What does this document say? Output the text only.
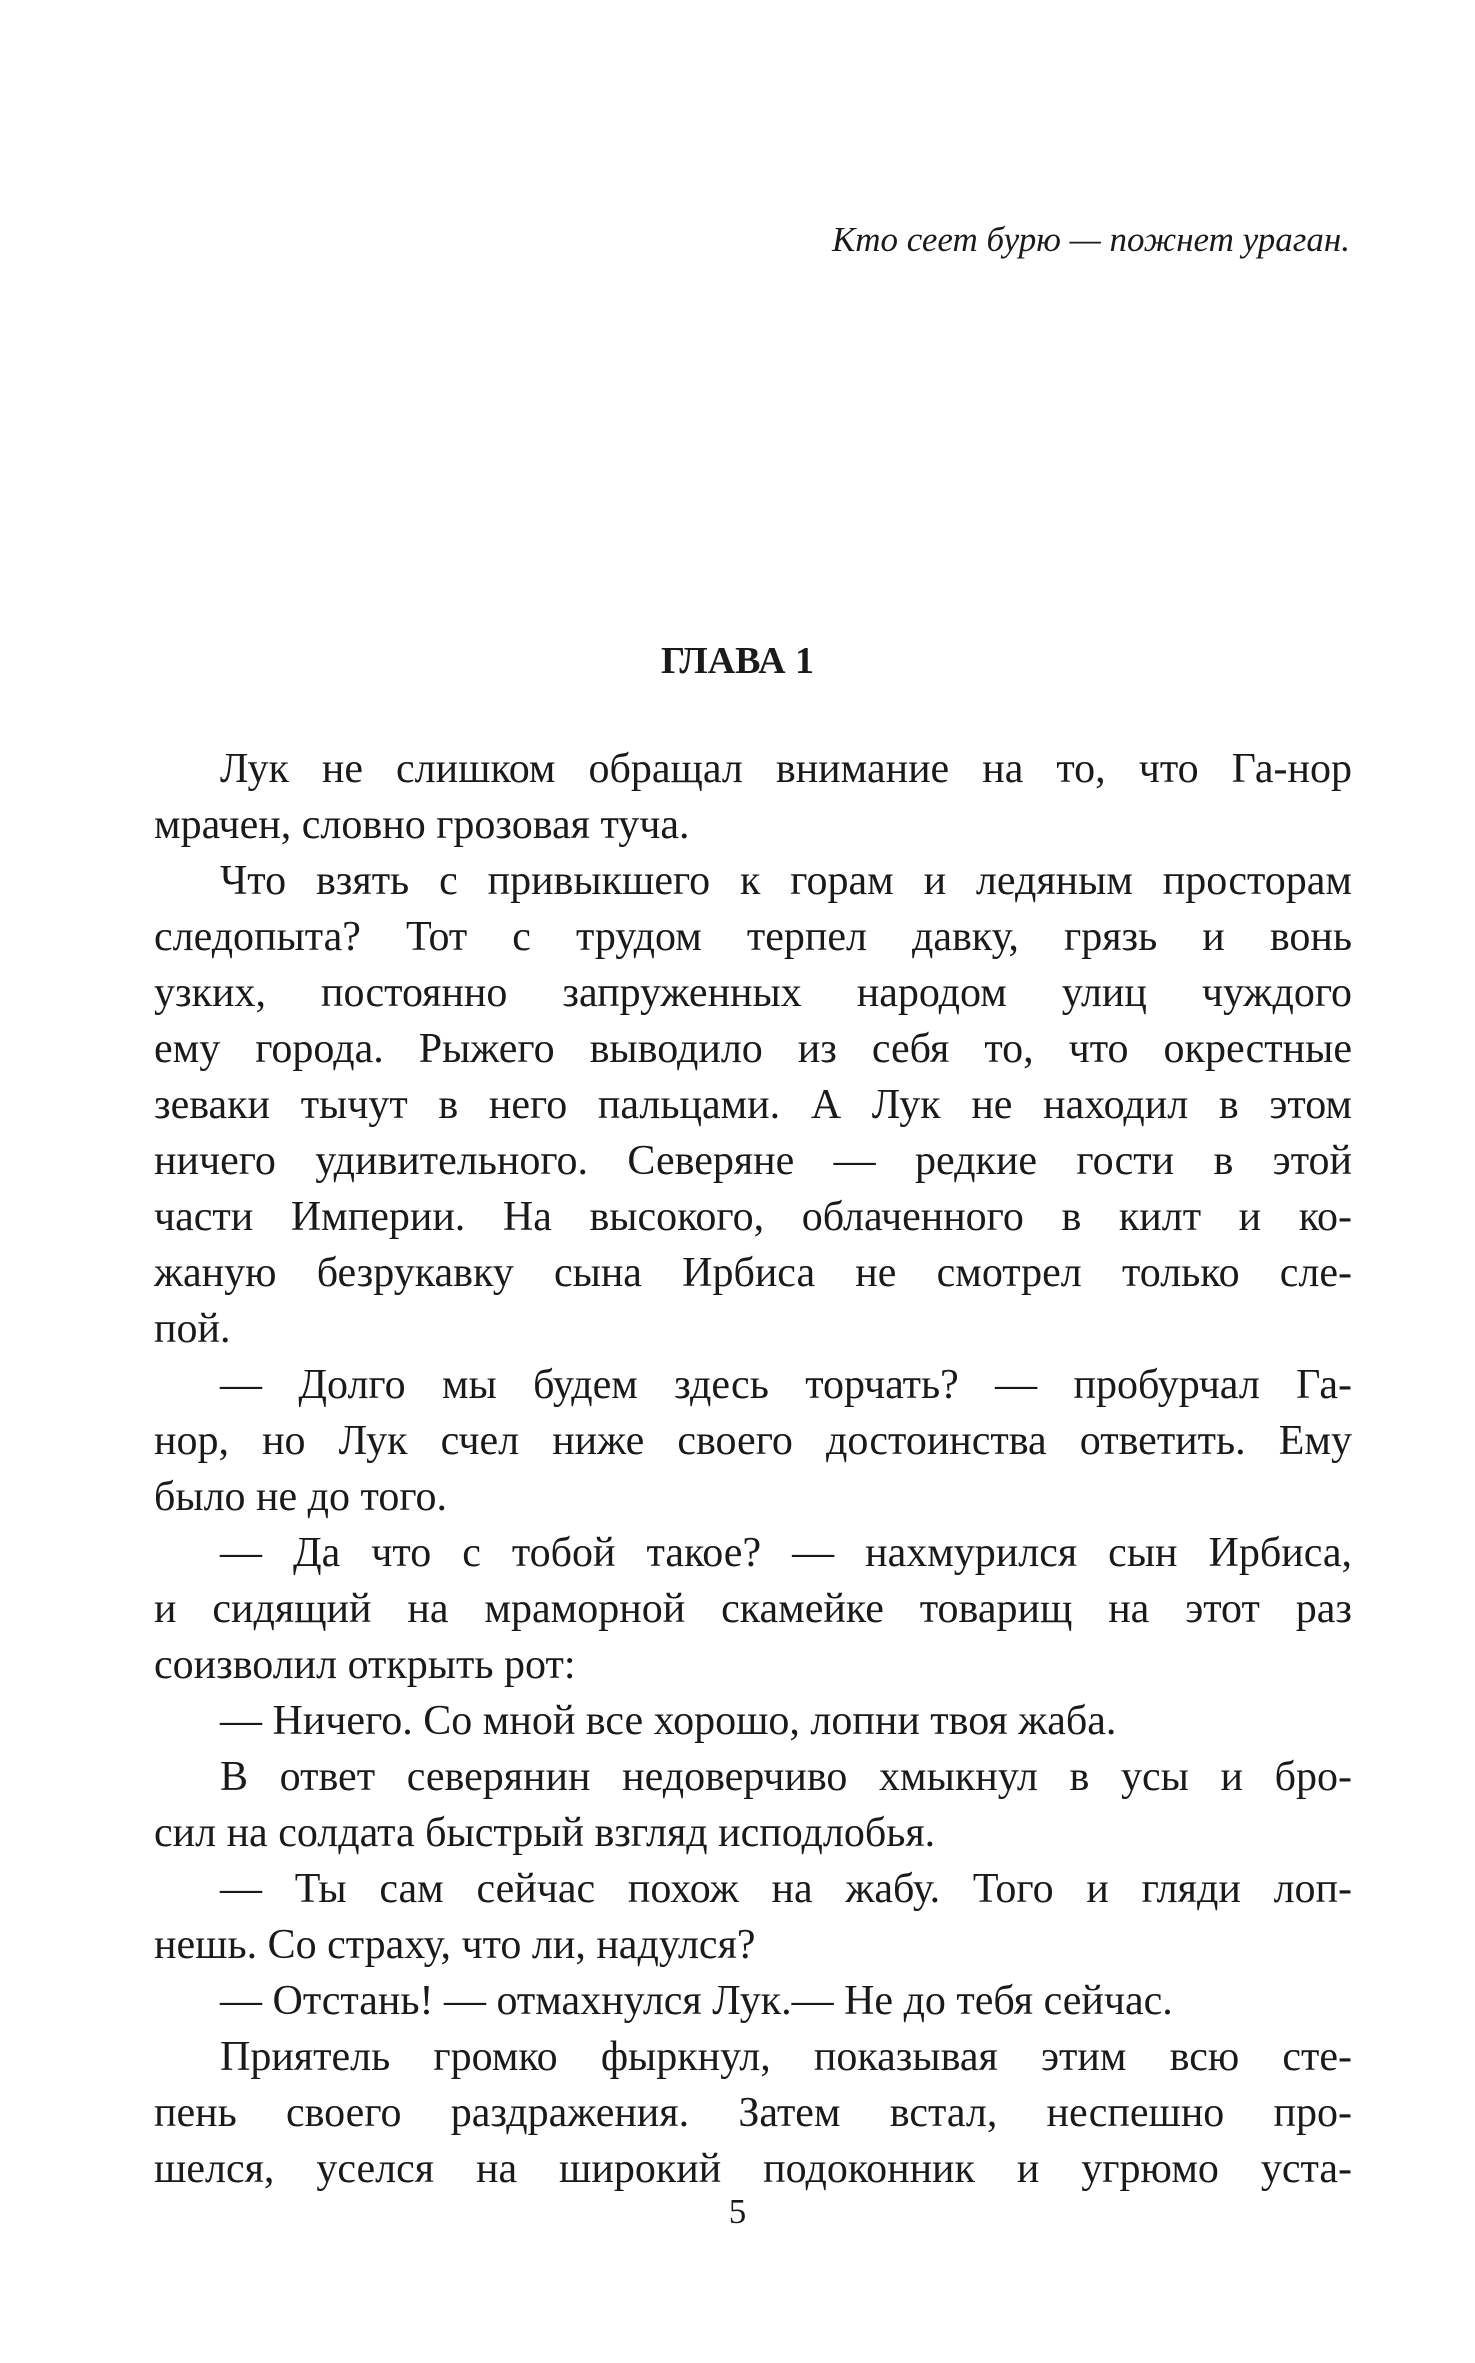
Кто сеет бурю — пожнет ураган.
ГЛАВА 1
Лук не слишком обращал внимание на то, что Га-нор
мрачен, словно грозовая туча.
Что взять с привыкшего к горам и ледяным просторам
следопыта? Тот с трудом терпел давку, грязь и вонь
узких, постоянно запруженных народом улиц чуждого
ему города. Рыжего выводило из себя то, что окрестные
зеваки тычут в него пальцами. А Лук не находил в этом
ничего удивительного. Северяне — редкие гости в этой
части Империи. На высокого, облаченного в килт и ко-
жаную безрукавку сына Ирбиса не смотрел только сле-
пой.
— Долго мы будем здесь торчать? — пробурчал Га-
нор, но Лук счел ниже своего достоинства ответить. Ему
было не до того.
— Да что с тобой такое? — нахмурился сын Ирбиса,
и сидящий на мраморной скамейке товарищ на этот раз
соизволил открыть рот:
— Ничего. Со мной все хорошо, лопни твоя жаба.
В ответ северянин недоверчиво хмыкнул в усы и бро-
сил на солдата быстрый взгляд исподлобья.
— Ты сам сейчас похож на жабу. Того и гляди лоп-
нешь. Со страху, что ли, надулся?
— Отстань! — отмахнулся Лук.— Не до тебя сейчас.
Приятель громко фыркнул, показывая этим всю сте-
пень своего раздражения. Затем встал, неспешно про-
шелся, уселся на широкий подоконник и угрюмо уста-
5
